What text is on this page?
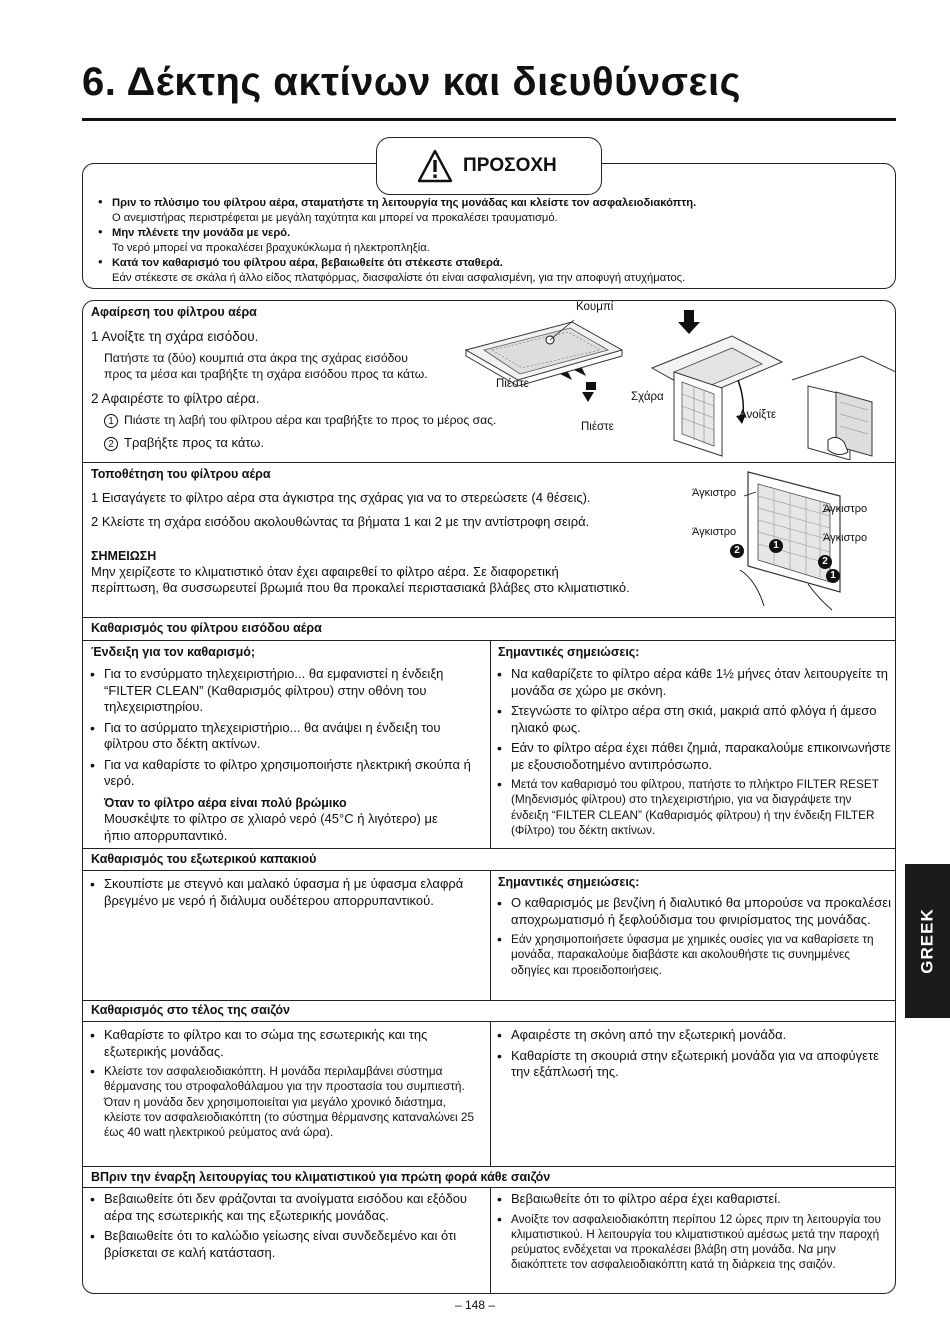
6. Δέκτης ακτίνων και διευθύνσεις
ΠΡΟΣΟΧΗ
• Πριν το πλύσιμο του φίλτρου αέρα, σταματήστε τη λειτουργία της μονάδας και κλείστε τον ασφαλειοδιακόπτη.
Ο ανεμιστήρας περιστρέφεται με μεγάλη ταχύτητα και μπορεί να προκαλέσει τραυματισμό.
• Μην πλένετε την μονάδα με νερό.
Το νερό μπορεί να προκαλέσει βραχυκύκλωμα ή ηλεκτροπληξία.
• Κατά τον καθαρισμό του φίλτρου αέρα, βεβαιωθείτε ότι στέκεστε σταθερά.
Εάν στέκεστε σε σκάλα ή άλλο είδος πλατφόρμας, διασφαλίστε ότι είναι ασφαλισμένη, για την αποφυγή ατυχήματος.
Αφαίρεση του φίλτρου αέρα
1 Ανοίξτε τη σχάρα εισόδου.
Πατήστε τα (δύο) κουμπιά στα άκρα της σχάρας εισόδου
προς τα μέσα και τραβήξτε τη σχάρα εισόδου προς τα κάτω.
2 Αφαιρέστε το φίλτρο αέρα.
1 Πιάστε τη λαβή του φίλτρου αέρα και τραβήξτε το προς το μέρος σας.
2 Τραβήξτε προς τα κάτω.
Κουμπί
Πιέστε
Πιέστε
Σχάρα
Ανοίξτε
Τοποθέτηση του φίλτρου αέρα
1 Εισαγάγετε το φίλτρο αέρα στα άγκιστρα της σχάρας για να το στερεώσετε (4 θέσεις).
2 Κλείστε τη σχάρα εισόδου ακολουθώντας τα βήματα 1 και 2 με την αντίστροφη σειρά.
ΣΗΜΕΙΩΣΗ
Μην χειρίζεστε το κλιματιστικό όταν έχει αφαιρεθεί το φίλτρο αέρα. Σε διαφορετική
περίπτωση, θα συσσωρευτεί βρωμιά που θα προκαλεί περιστασιακά βλάβες στο κλιματιστικό.
Άγκιστρο
Άγκιστρο
Άγκιστρο	Άγκιστρο
2	1
2
1
Καθαρισμός του φίλτρου εισόδου αέρα
Ένδειξη για τον καθαρισμό;
• Για το ενσύρματο τηλεχειριστήριο... θα εμφανιστεί η ένδειξη “FILTER CLEAN” (Καθαρισμός φίλτρου) στην οθόνη του τηλεχειριστηρίου.
• Για το ασύρματο τηλεχειριστήριο... θα ανάψει η ένδειξη του φίλτρου στο δέκτη ακτίνων.
• Για να καθαρίστε το φίλτρο χρησιμοποιήστε ηλεκτρική σκούπα ή νερό.
Όταν το φίλτρο αέρα είναι πολύ βρώμικο
Μουσκέψτε το φίλτρο σε χλιαρό νερό (45°C ή λιγότερο) με ήπιο απορρυπαντικό.
Σημαντικές σημειώσεις:
• Να καθαρίζετε το φίλτρο αέρα κάθε 1½ μήνες όταν λειτουργείτε τη μονάδα σε χώρο με σκόνη.
• Στεγνώστε το φίλτρο αέρα στη σκιά, μακριά από φλόγα ή άμεσο ηλιακό φως.
• Εάν το φίλτρο αέρα έχει πάθει ζημιά, παρακαλούμε επικοινωνήστε με εξουσιοδοτημένο αντιπρόσωπο.
• Μετά τον καθαρισμό του φίλτρου, πατήστε το πλήκτρο FILTER RESET (Μηδενισμός φίλτρου) στο τηλεχειριστήριο, για να διαγράψετε την ένδειξη “FILTER CLEAN” (Καθαρισμός φίλτρου) ή την ένδειξη FILTER (Φίλτρο) του δέκτη ακτίνων.
Καθαρισμός του εξωτερικού καπακιού
• Σκουπίστε με στεγνό και μαλακό ύφασμα ή με ύφασμα ελαφρά βρεγμένο με νερό ή διάλυμα ουδέτερου απορρυπαντικού.
Σημαντικές σημειώσεις:
• Ο καθαρισμός με βενζίνη ή διαλυτικό θα μπορούσε να προκαλέσει αποχρωματισμό ή ξεφλούδισμα του φινιρίσματος της μονάδας.
• Εάν χρησιμοποιήσετε ύφασμα με χημικές ουσίες για να καθαρίσετε τη μονάδα, παρακαλούμε διαβάστε και ακολουθήστε τις συνημμένες οδηγίες και προειδοποιήσεις.
Καθαρισμός στο τέλος της σαιζόν
• Καθαρίστε το φίλτρο και το σώμα της εσωτερικής και της εξωτερικής μονάδας.
• Κλείστε τον ασφαλειοδιακόπτη. Η μονάδα περιλαμβάνει σύστημα θέρμανσης του στροφαλοθάλαμου για την προστασία του συμπιεστή. Όταν η μονάδα δεν χρησιμοποιείται για μεγάλο χρονικό διάστημα, κλείστε τον ασφαλειοδιακόπτη (το σύστημα θέρμανσης καταναλώνει 25 έως 40 watt ηλεκτρικού ρεύματος ανά ώρα).
• Αφαιρέστε τη σκόνη από την εξωτερική μονάδα.
• Καθαρίστε τη σκουριά στην εξωτερική μονάδα για να αποφύγετε την εξάπλωσή της.
ΒΠριν την έναρξη λειτουργίας του κλιματιστικού για πρώτη φορά κάθε σαιζόν
• Βεβαιωθείτε ότι δεν φράζονται τα ανοίγματα εισόδου και εξόδου αέρα της εσωτερικής και της εξωτερικής μονάδας.
• Βεβαιωθείτε ότι το καλώδιο γείωσης είναι συνδεδεμένο και ότι βρίσκεται σε καλή κατάσταση.
• Βεβαιωθείτε ότι το φίλτρο αέρα έχει καθαριστεί.
• Ανοίξτε τον ασφαλειοδιακόπτη περίπου 12 ώρες πριν τη λειτουργία του κλιματιστικού. Η λειτουργία του κλιματιστικού αμέσως μετά την παροχή ρεύματος ενδέχεται να προκαλέσει βλάβη στη μονάδα. Να μην διακόπτετε τον ασφαλειοδιακόπτη κατά τη διάρκεια της σαιζόν.
GREEK
– 148 –
